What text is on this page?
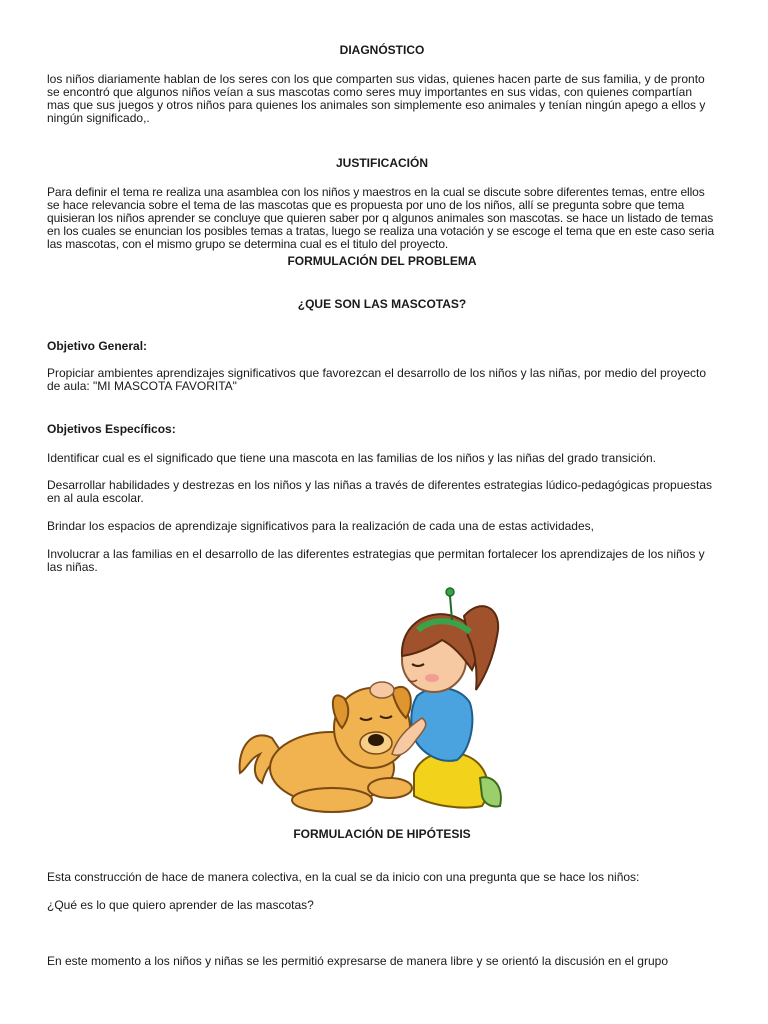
DIAGNÓSTICO
los niños diariamente hablan de los seres con los que comparten sus vidas, quienes hacen parte de sus familia, y de pronto se encontró que algunos niños veían a sus mascotas como seres muy importantes en sus vidas, con quienes compartían mas que sus juegos y otros niños para quienes los animales son simplemente eso animales y tenían ningún apego a ellos y ningún significado,.
JUSTIFICACIÓN
Para definir el tema re realiza una asamblea con los niños y maestros en la cual se discute sobre diferentes temas, entre ellos se hace relevancia sobre el tema de las mascotas que es propuesta por uno de los niños, allí se pregunta sobre que tema quisieran los niños aprender se concluye que quieren saber por q algunos animales son mascotas. se hace un listado de temas en los cuales se enuncian los posibles temas a tratas, luego se realiza una votación y se escoge el tema que en este caso seria las mascotas, con el mismo grupo se determina cual es el titulo del proyecto.
FORMULACIÓN DEL PROBLEMA
¿QUE SON LAS MASCOTAS?
Objetivo General:
Propiciar ambientes aprendizajes significativos que favorezcan el desarrollo de los niños y las niñas, por medio del proyecto de aula: "MI MASCOTA FAVORITA"
Objetivos Específicos:
Identificar cual es el significado que tiene una mascota en las familias de los niños y las niñas del grado transición.
Desarrollar habilidades y destrezas en los niños y las niñas a través de diferentes estrategias lúdico-pedagógicas propuestas en al aula escolar.
Brindar los espacios de aprendizaje significativos para la realización de cada una de estas actividades,
Involucrar a las familias en el desarrollo de las diferentes estrategias que permitan fortalecer los aprendizajes de los niños y las niñas.
FORMULACIÓN DE HIPÓTESIS
Esta construcción de hace de manera colectiva, en la cual se da inicio con una pregunta que se hace los niños:
¿Qué es lo que quiero aprender de las mascotas?
En este momento a los niños y niñas se les permitió expresarse de manera libre y se orientó la discusión en el grupo
